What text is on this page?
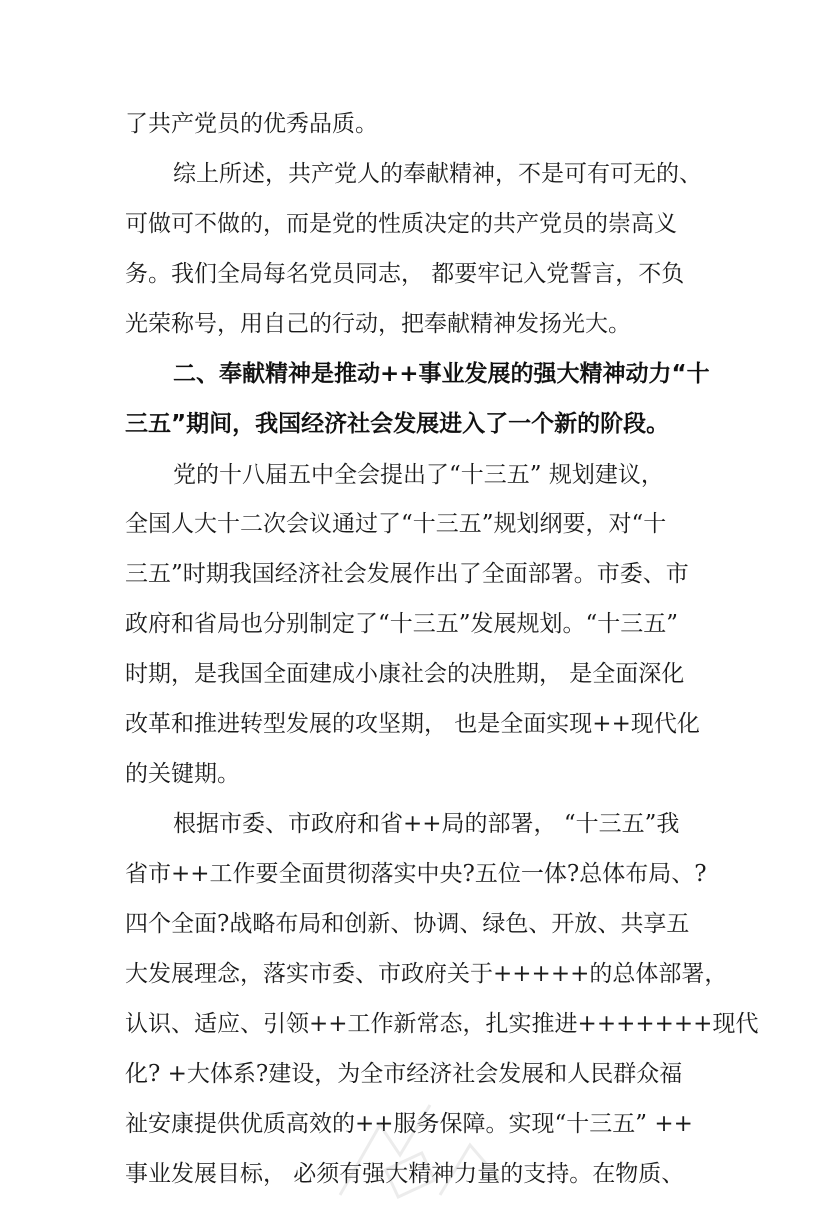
了共产党员的优秀品质。
综上所述，共产党人的奉献精神，不是可有可无的、
可做可不做的，而是党的性质决定的共产党员的崇高义
务。我们全局每名党员同志， 都要牢记入党誓言，不负
光荣称号，用自己的行动，把奉献精神发扬光大。
二、奉献精神是推动++事业发展的强大精神动力“十
三五”期间，我国经济社会发展进入了一个新的阶段。
党的十八届五中全会提出了“十三五” 规划建议，
全国人大十二次会议通过了“十三五”规划纲要，对“十
三五”时期我国经济社会发展作出了全面部署。市委、市
政府和省局也分别制定了“十三五”发展规划。“十三五”
时期，是我国全面建成小康社会的决胜期， 是全面深化
改革和推进转型发展的攻坚期， 也是全面实现++现代化
的关键期。
根据市委、市政府和省++局的部署， “十三五”我
省市++工作要全面贯彻落实中央?五位一体?总体布局、?
四个全面?战略布局和创新、协调、绿色、开放、共享五
大发展理念，落实市委、市政府关于+++++的总体部署，
认识、适应、引领++工作新常态，扎实推进+++++++现代
化? +大体系?建设，为全市经济社会发展和人民群众福
祉安康提供优质高效的++服务保障。实现“十三五” ++
事业发展目标， 必须有强大精神力量的支持。在物质、
